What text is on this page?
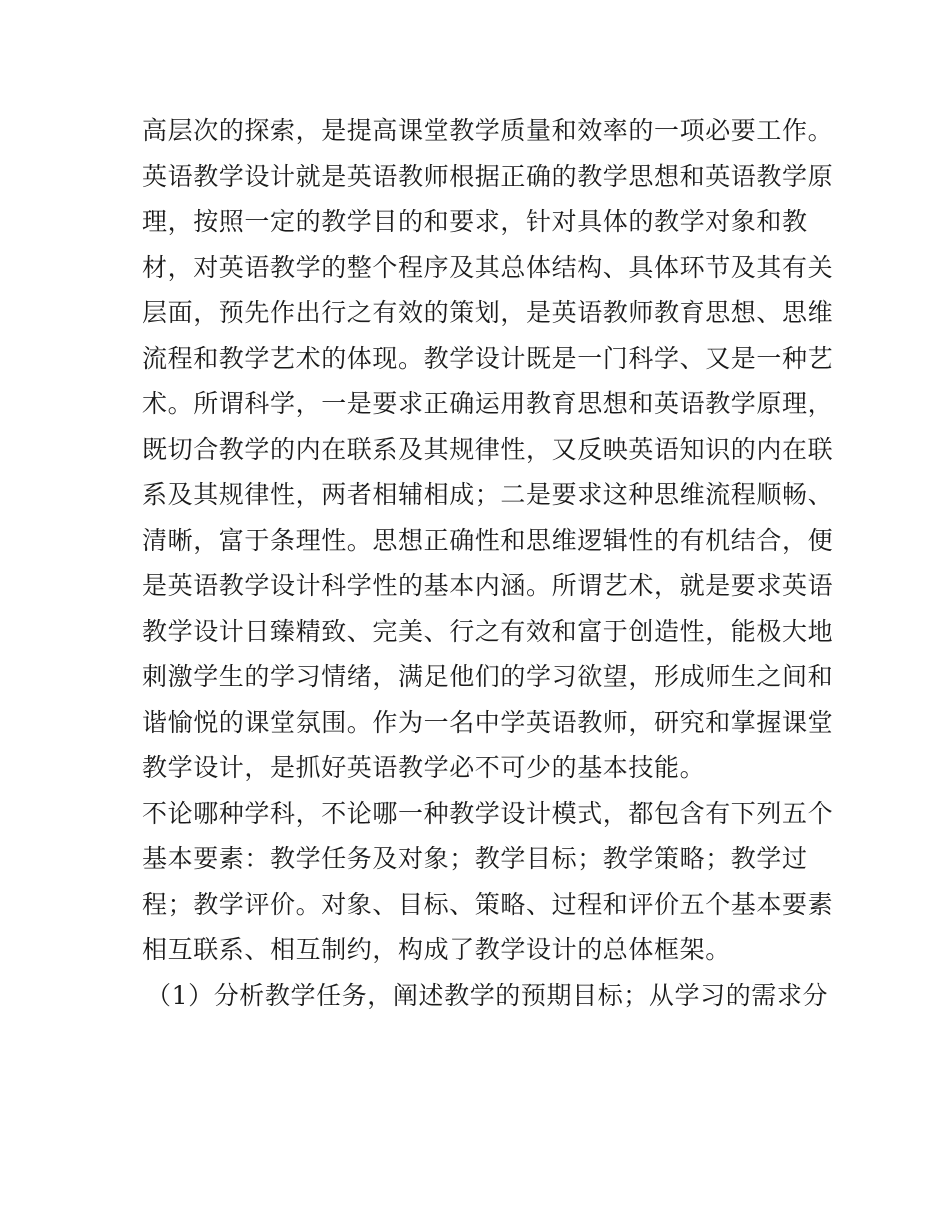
高层次的探索，是提高课堂教学质量和效率的一项必要工作。
英语教学设计就是英语教师根据正确的教学思想和英语教学原
理，按照一定的教学目的和要求，针对具体的教学对象和教
材，对英语教学的整个程序及其总体结构、具体环节及其有关
层面，预先作出行之有效的策划，是英语教师教育思想、思维
流程和教学艺术的体现。教学设计既是一门科学、又是一种艺
术。所谓科学，一是要求正确运用教育思想和英语教学原理，
既切合教学的内在联系及其规律性，又反映英语知识的内在联
系及其规律性，两者相辅相成；二是要求这种思维流程顺畅、
清晰，富于条理性。思想正确性和思维逻辑性的有机结合，便
是英语教学设计科学性的基本内涵。所谓艺术，就是要求英语
教学设计日臻精致、完美、行之有效和富于创造性，能极大地
刺激学生的学习情绪，满足他们的学习欲望，形成师生之间和
谐愉悦的课堂氛围。作为一名中学英语教师，研究和掌握课堂
教学设计，是抓好英语教学必不可少的基本技能。
不论哪种学科，不论哪一种教学设计模式，都包含有下列五个
基本要素：教学任务及对象；教学目标；教学策略；教学过
程；教学评价。对象、目标、策略、过程和评价五个基本要素
相互联系、相互制约，构成了教学设计的总体框架。
（1）分析教学任务，阐述教学的预期目标；从学习的需求分
